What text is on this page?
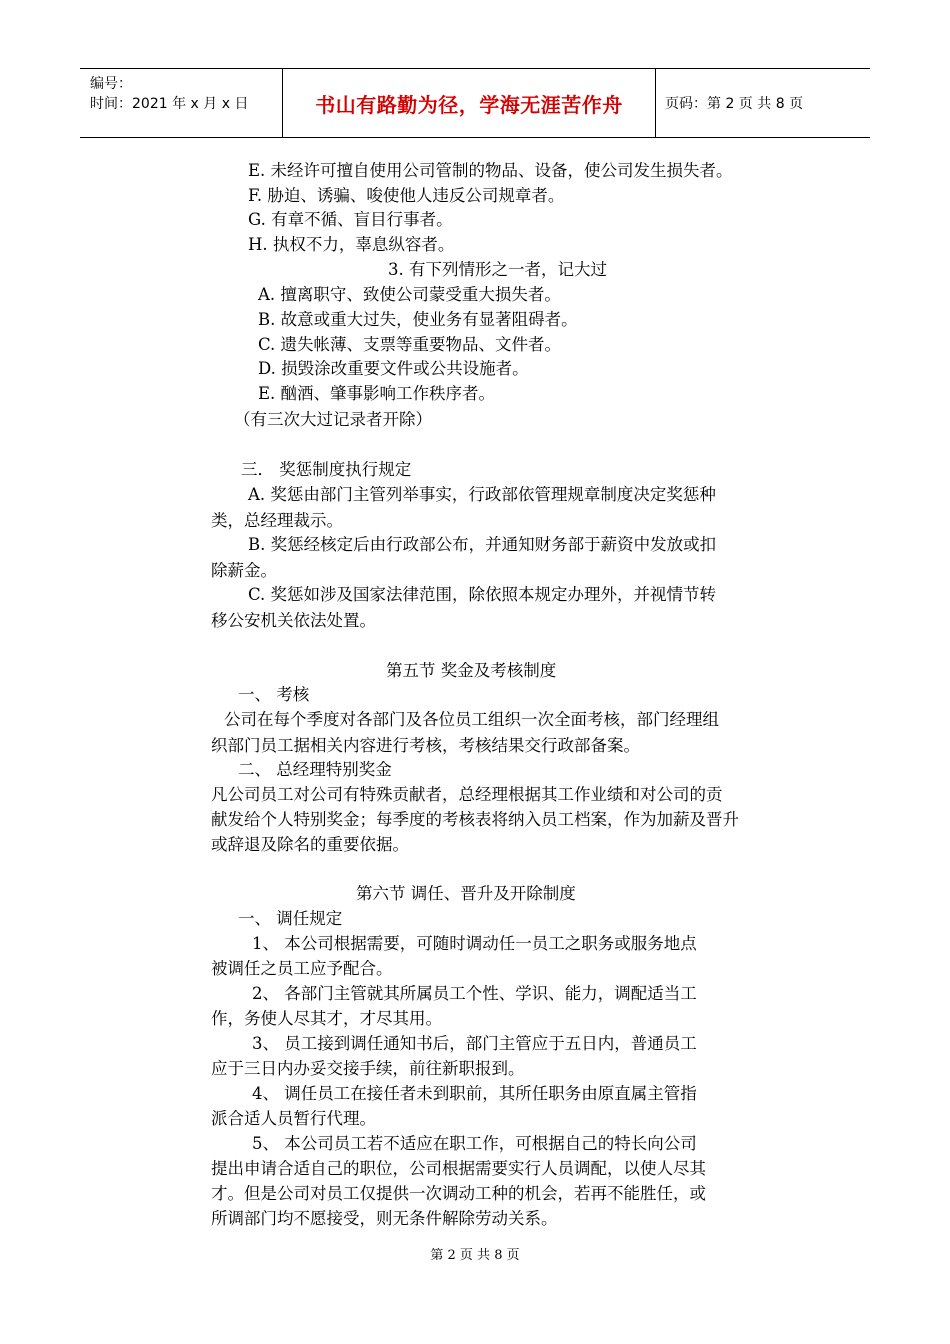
编号：
时间：2021 年 x 月 x 日	书山有路勤为径，学海无涯苦作舟	页码：第 2 页 共 8 页
E. 未经许可擅自使用公司管制的物品、设备，使公司发生损失者。
F. 胁迫、诱骗、唆使他人违反公司规章者。
G. 有章不循、盲目行事者。
H. 执权不力，辜息纵容者。
3. 有下列情形之一者，记大过
A. 擅离职守、致使公司蒙受重大损失者。
B. 故意或重大过失，使业务有显著阻碍者。
C. 遗失帐薄、支票等重要物品、文件者。
D. 损毁涂改重要文件或公共设施者。
E. 酗酒、肇事影响工作秩序者。
（有三次大过记录者开除）
三． 奖惩制度执行规定
A. 奖惩由部门主管列举事实，行政部依管理规章制度决定奖惩种
类，总经理裁示。
B. 奖惩经核定后由行政部公布，并通知财务部于薪资中发放或扣
除薪金。
C. 奖惩如涉及国家法律范围，除依照本规定办理外，并视情节转
移公安机关依法处置。
第五节 奖金及考核制度
一、 考核
公司在每个季度对各部门及各位员工组织一次全面考核，部门经理组
织部门员工据相关内容进行考核，考核结果交行政部备案。
二、 总经理特别奖金
凡公司员工对公司有特殊贡献者，总经理根据其工作业绩和对公司的贡
献发给个人特别奖金；每季度的考核表将纳入员工档案，作为加薪及晋升
或辞退及除名的重要依据。
第六节 调任、晋升及开除制度
一、 调任规定
1、 本公司根据需要，可随时调动任一员工之职务或服务地点
被调任之员工应予配合。
2、 各部门主管就其所属员工个性、学识、能力，调配适当工
作，务使人尽其才，才尽其用。
3、 员工接到调任通知书后，部门主管应于五日内，普通员工
应于三日内办妥交接手续，前往新职报到。
4、 调任员工在接任者未到职前，其所任职务由原直属主管指
派合适人员暂行代理。
5、 本公司员工若不适应在职工作，可根据自己的特长向公司
提出申请合适自己的职位，公司根据需要实行人员调配，以使人尽其
才。但是公司对员工仅提供一次调动工种的机会，若再不能胜任，或
所调部门均不愿接受，则无条件解除劳动关系。
第 2 页 共 8 页
